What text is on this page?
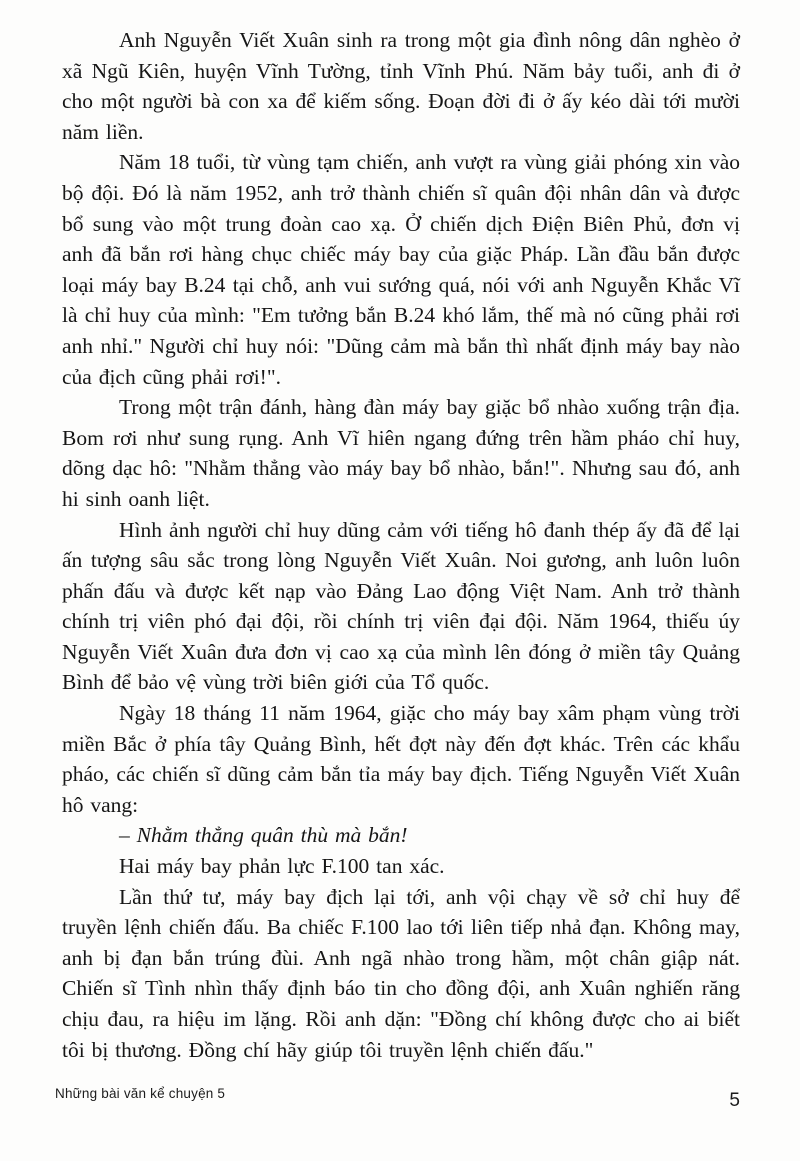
Anh Nguyễn Viết Xuân sinh ra trong một gia đình nông dân nghèo ở xã Ngũ Kiên, huyện Vĩnh Tường, tỉnh Vĩnh Phú. Năm bảy tuổi, anh đi ở cho một người bà con xa để kiếm sống. Đoạn đời đi ở ấy kéo dài tới mười năm liền.

Năm 18 tuổi, từ vùng tạm chiến, anh vượt ra vùng giải phóng xin vào bộ đội. Đó là năm 1952, anh trở thành chiến sĩ quân đội nhân dân và được bổ sung vào một trung đoàn cao xạ. Ở chiến dịch Điện Biên Phủ, đơn vị anh đã bắn rơi hàng chục chiếc máy bay của giặc Pháp. Lần đầu bắn được loại máy bay B.24 tại chỗ, anh vui sướng quá, nói với anh Nguyễn Khắc Vĩ là chỉ huy của mình: "Em tưởng bắn B.24 khó lắm, thế mà nó cũng phải rơi anh nhỉ." Người chỉ huy nói: "Dũng cảm mà bắn thì nhất định máy bay nào của địch cũng phải rơi!".

Trong một trận đánh, hàng đàn máy bay giặc bổ nhào xuống trận địa. Bom rơi như sung rụng. Anh Vĩ hiên ngang đứng trên hầm pháo chỉ huy, dõng dạc hô: "Nhằm thẳng vào máy bay bổ nhào, bắn!". Nhưng sau đó, anh hi sinh oanh liệt.

Hình ảnh người chỉ huy dũng cảm với tiếng hô đanh thép ấy đã để lại ấn tượng sâu sắc trong lòng Nguyễn Viết Xuân. Noi gương, anh luôn luôn phấn đấu và được kết nạp vào Đảng Lao động Việt Nam. Anh trở thành chính trị viên phó đại đội, rồi chính trị viên đại đội. Năm 1964, thiếu úy Nguyễn Viết Xuân đưa đơn vị cao xạ của mình lên đóng ở miền tây Quảng Bình để bảo vệ vùng trời biên giới của Tổ quốc.

Ngày 18 tháng 11 năm 1964, giặc cho máy bay xâm phạm vùng trời miền Bắc ở phía tây Quảng Bình, hết đợt này đến đợt khác. Trên các khẩu pháo, các chiến sĩ dũng cảm bắn tỉa máy bay địch. Tiếng Nguyễn Viết Xuân hô vang:

– Nhằm thẳng quân thù mà bắn!

Hai máy bay phản lực F.100 tan xác.

Lần thứ tư, máy bay địch lại tới, anh vội chạy về sở chỉ huy để truyền lệnh chiến đấu. Ba chiếc F.100 lao tới liên tiếp nhả đạn. Không may, anh bị đạn bắn trúng đùi. Anh ngã nhào trong hầm, một chân giập nát. Chiến sĩ Tình nhìn thấy định báo tin cho đồng đội, anh Xuân nghiến răng chịu đau, ra hiệu im lặng. Rồi anh dặn: "Đồng chí không được cho ai biết tôi bị thương. Đồng chí hãy giúp tôi truyền lệnh chiến đấu."

Những bài văn kể chuyện 5	5
